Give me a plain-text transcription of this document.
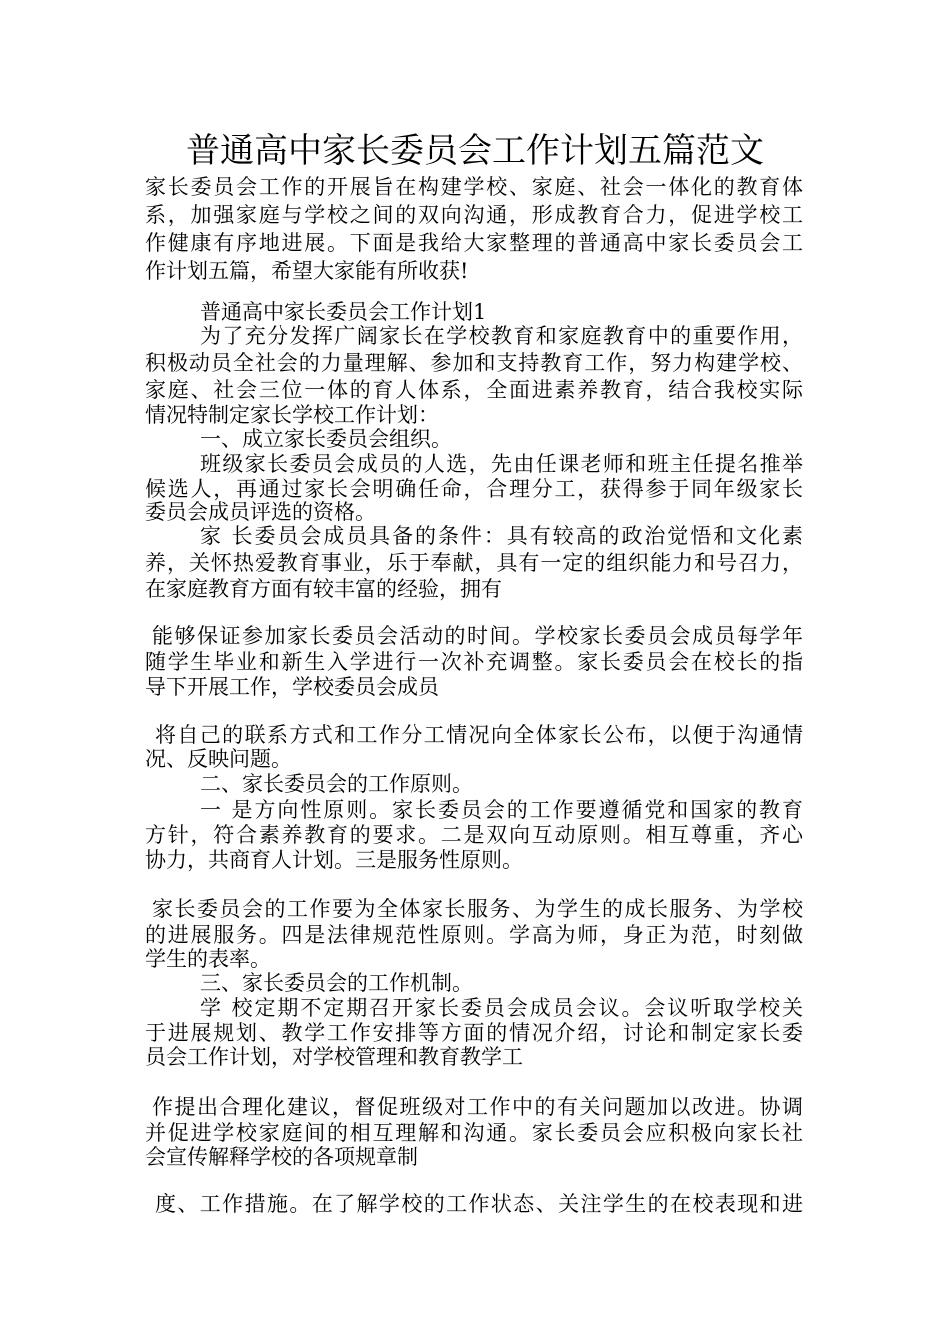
普通高中家长委员会工作计划五篇范文
家长委员会工作的开展旨在构建学校、家庭、社会一体化的教育体
系，加强家庭与学校之间的双向沟通，形成教育合力，促进学校工
作健康有序地进展。下面是我给大家整理的普通高中家长委员会工
作计划五篇，希望大家能有所收获!
普通高中家长委员会工作计划1
为了充分发挥广阔家长在学校教育和家庭教育中的重要作用，
积极动员全社会的力量理解、参加和支持教育工作，努力构建学校、
家庭、社会三位一体的育人体系，全面进素养教育，结合我校实际
情况特制定家长学校工作计划：
一、成立家长委员会组织。
班级家长委员会成员的人选，先由任课老师和班主任提名推举
候选人，再通过家长会明确任命，合理分工，获得参于同年级家长
委员会成员评选的资格。
家 长委员会成员具备的条件：具有较高的政治觉悟和文化素
养，关怀热爱教育事业，乐于奉献，具有一定的组织能力和号召力，
在家庭教育方面有较丰富的经验，拥有
能够保证参加家长委员会活动的时间。学校家长委员会成员每学年
随学生毕业和新生入学进行一次补充调整。家长委员会在校长的指
导下开展工作，学校委员会成员
将自己的联系方式和工作分工情况向全体家长公布，以便于沟通情
况、反映问题。
二、家长委员会的工作原则。
一 是方向性原则。家长委员会的工作要遵循党和国家的教育
方针，符合素养教育的要求。二是双向互动原则。相互尊重，齐心
协力，共商育人计划。三是服务性原则。
家长委员会的工作要为全体家长服务、为学生的成长服务、为学校
的进展服务。四是法律规范性原则。学高为师，身正为范，时刻做
学生的表率。
三、家长委员会的工作机制。
学 校定期不定期召开家长委员会成员会议。会议听取学校关
于进展规划、教学工作安排等方面的情况介绍，讨论和制定家长委
员会工作计划，对学校管理和教育教学工
作提出合理化建议，督促班级对工作中的有关问题加以改进。协调
并促进学校家庭间的相互理解和沟通。家长委员会应积极向家长社
会宣传解释学校的各项规章制
度、工作措施。在了解学校的工作状态、关注学生的在校表现和进
